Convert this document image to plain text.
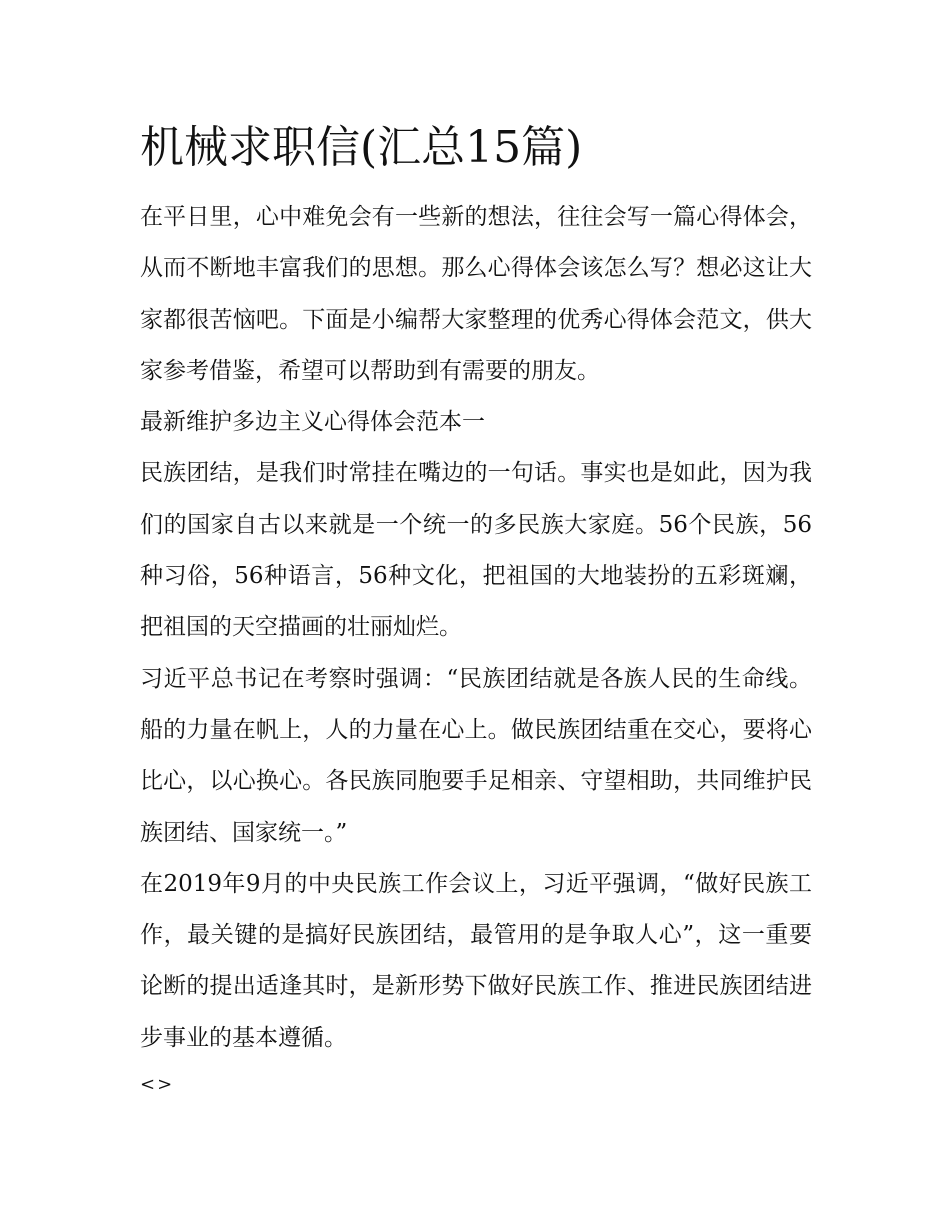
机械求职信(汇总15篇)

在平日里，心中难免会有一些新的想法，往往会写一篇心得体会，从而不断地丰富我们的思想。那么心得体会该怎么写？想必这让大家都很苦恼吧。下面是小编帮大家整理的优秀心得体会范文，供大家参考借鉴，希望可以帮助到有需要的朋友。

最新维护多边主义心得体会范本一

民族团结，是我们时常挂在嘴边的一句话。事实也是如此，因为我们的国家自古以来就是一个统一的多民族大家庭。56个民族，56种习俗，56种语言，56种文化，把祖国的大地装扮的五彩斑斓，把祖国的天空描画的壮丽灿烂。

习近平总书记在考察时强调：“民族团结就是各族人民的生命线。船的力量在帆上，人的力量在心上。做民族团结重在交心，要将心比心，以心换心。各民族同胞要手足相亲、守望相助，共同维护民族团结、国家统一。”

在2019年9月的中央民族工作会议上，习近平强调，“做好民族工作，最关键的是搞好民族团结，最管用的是争取人心”，这一重要论断的提出适逢其时，是新形势下做好民族工作、推进民族团结进步事业的基本遵循。

<>
